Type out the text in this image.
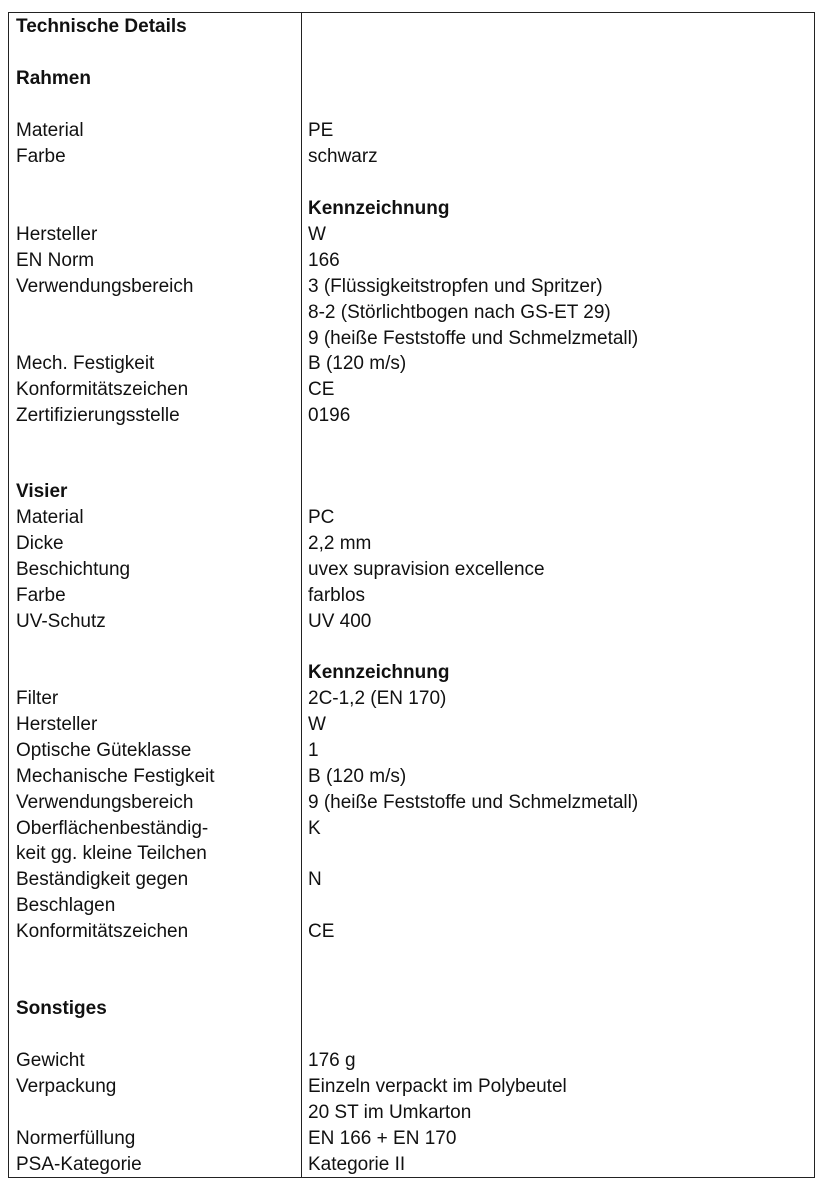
Technische Details
Rahmen
Material	PE
Farbe	schwarz
Kennzeichnung
Hersteller	W
EN Norm	166
Verwendungsbereich	3 (Flüssigkeitstropfen und Spritzer)
8-2 (Störlichtbogen nach GS-ET 29)
9 (heiße Feststoffe und Schmelzmetall)
Mech. Festigkeit	B (120 m/s)
Konformitätszeichen	CE
Zertifizierungsstelle	0196
Visier
Material	PC
Dicke	2,2 mm
Beschichtung	uvex supravision excellence
Farbe	farblos
UV-Schutz	UV 400
Kennzeichnung
Filter	2C-1,2 (EN 170)
Hersteller	W
Optische Güteklasse	1
Mechanische Festigkeit	B (120 m/s)
Verwendungsbereich	9 (heiße Feststoffe und Schmelzmetall)
Oberflächenbeständig-	K
keit gg. kleine Teilchen
Beständigkeit gegen	N
Beschlagen
Konformitätszeichen	CE
Sonstiges
Gewicht	176 g
Verpackung	Einzeln verpackt im Polybeutel
20 ST im Umkarton
Normerfüllung	EN 166 + EN 170
PSA-Kategorie	Kategorie II
